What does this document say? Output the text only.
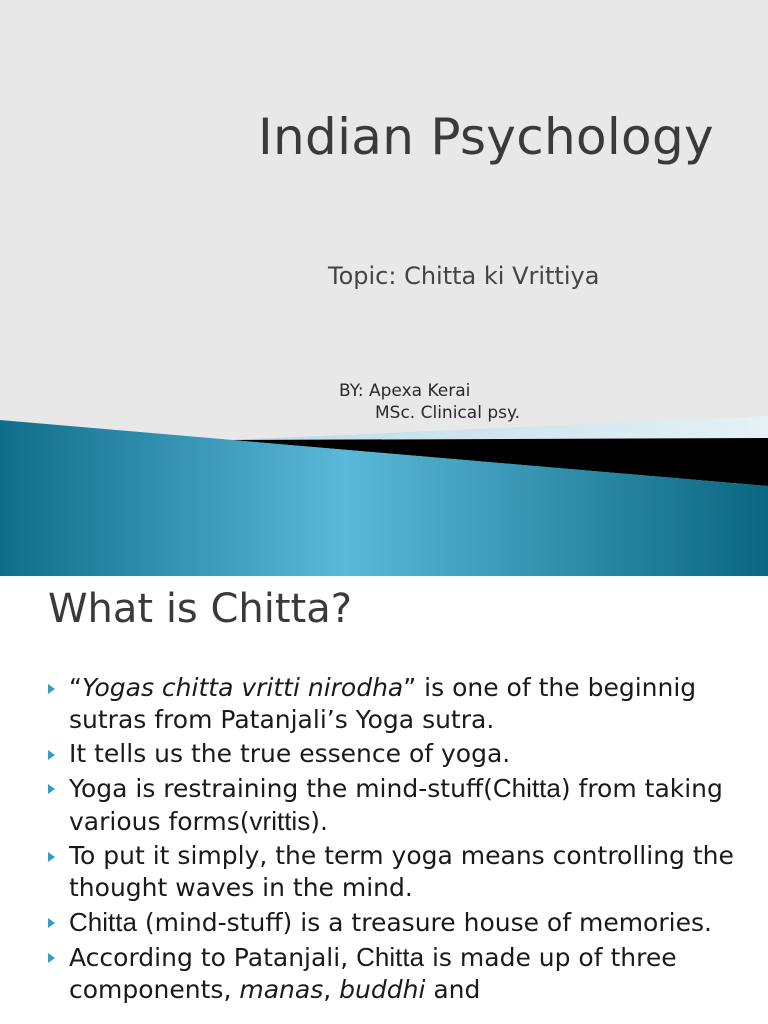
Indian Psychology
Topic: Chitta ki Vrittiya
BY: Apexa Kerai
MSc. Clinical psy.
What is Chitta?
“Yogas chitta vritti nirodha” is one of the beginnig sutras from Patanjali’s Yoga sutra.
It tells us the true essence of yoga.
Yoga is restraining the mind-stuff(Chitta) from taking various forms(vrittis).
To put it simply, the term yoga means controlling the thought waves in the mind.
Chitta (mind-stuff) is a treasure house of memories.
According to Patanjali, Chitta is made up of three components, manas, buddhi and
